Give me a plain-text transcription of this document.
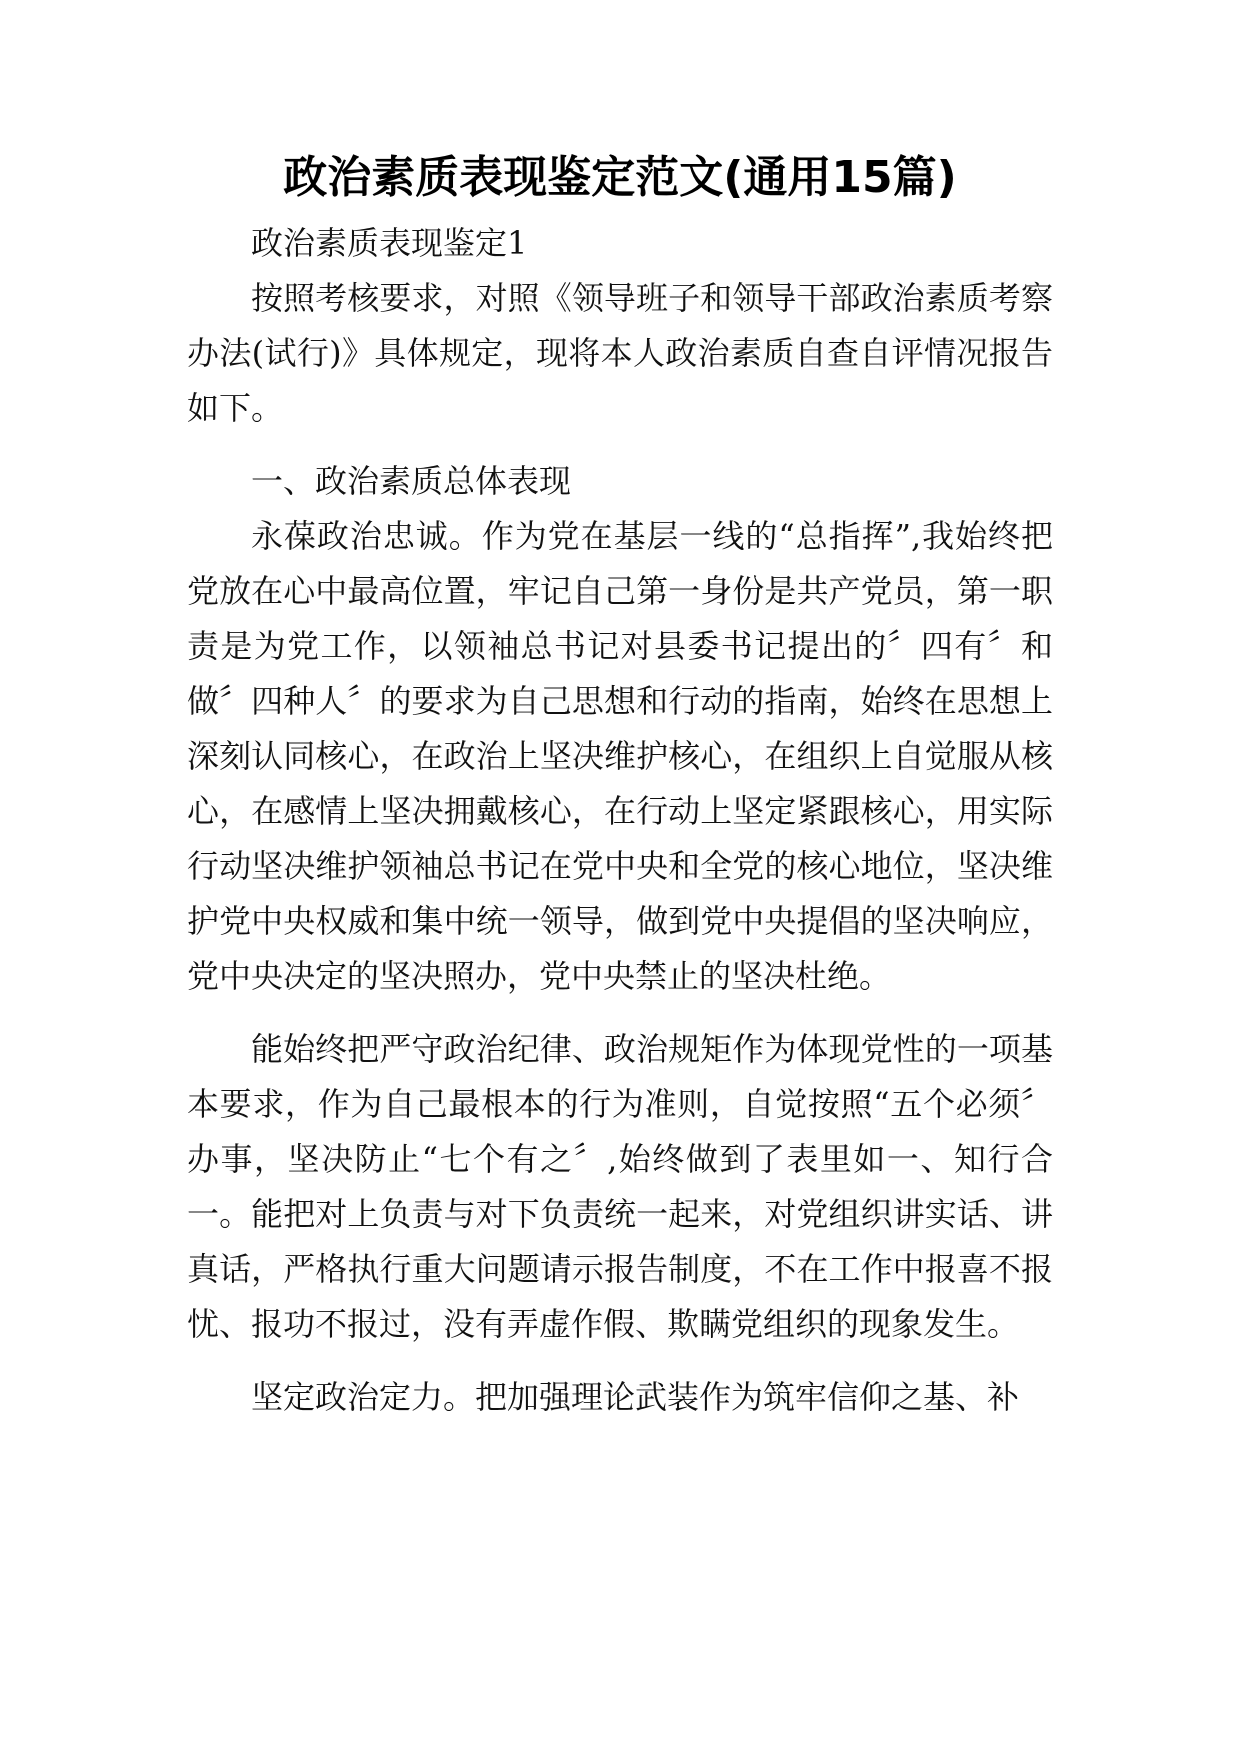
政治素质表现鉴定范文(通用15篇)

政治素质表现鉴定1

按照考核要求，对照《领导班子和领导干部政治素质考察办法(试行)》具体规定，现将本人政治素质自查自评情况报告如下。

一、政治素质总体表现

永葆政治忠诚。作为党在基层一线的“总指挥”,我始终把党放在心中最高位置，牢记自己第一身份是共产党员，第一职责是为党工作，以领袖总书记对县委书记提出的〞四有〞和做〞四种人〞的要求为自己思想和行动的指南，始终在思想上深刻认同核心，在政治上坚决维护核心，在组织上自觉服从核心，在感情上坚决拥戴核心，在行动上坚定紧跟核心，用实际行动坚决维护领袖总书记在党中央和全党的核心地位，坚决维护党中央权威和集中统一领导，做到党中央提倡的坚决响应，党中央决定的坚决照办，党中央禁止的坚决杜绝。

能始终把严守政治纪律、政治规矩作为体现党性的一项基本要求，作为自己最根本的行为准则，自觉按照“五个必须〞办事，坚决防止“七个有之〞,始终做到了表里如一、知行合一。能把对上负责与对下负责统一起来，对党组织讲实话、讲真话，严格执行重大问题请示报告制度，不在工作中报喜不报忧、报功不报过，没有弄虚作假、欺瞒党组织的现象发生。

坚定政治定力。把加强理论武装作为筑牢信仰之基、补
